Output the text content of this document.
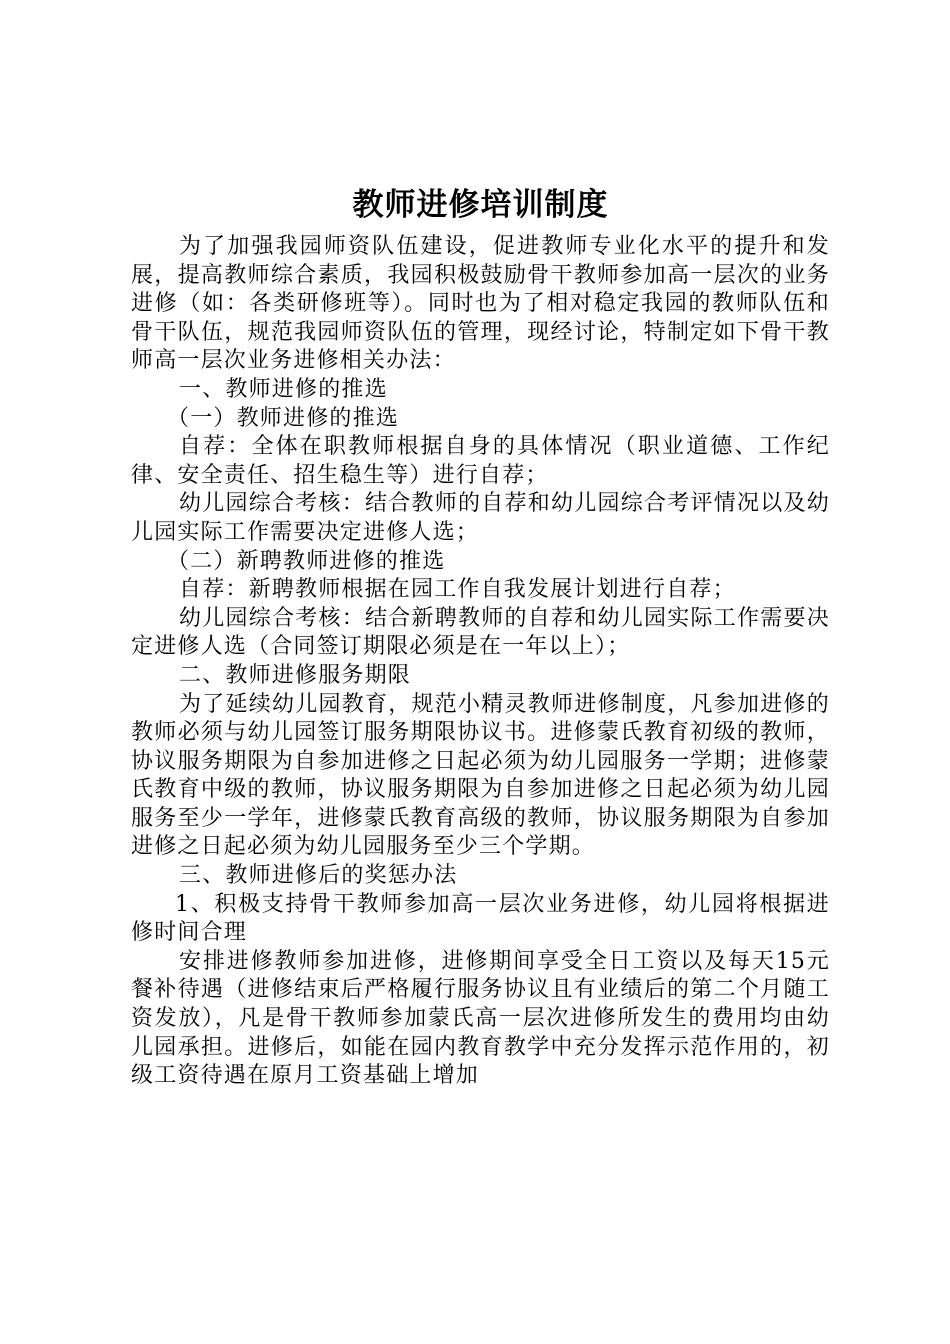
教师进修培训制度

为了加强我园师资队伍建设，促进教师专业化水平的提升和发展，提高教师综合素质，我园积极鼓励骨干教师参加高一层次的业务进修（如：各类研修班等）。同时也为了相对稳定我园的教师队伍和骨干队伍，规范我园师资队伍的管理，现经讨论，特制定如下骨干教师高一层次业务进修相关办法：

一、教师进修的推选

（一）教师进修的推选

自荐：全体在职教师根据自身的具体情况（职业道德、工作纪律、安全责任、招生稳生等）进行自荐；

幼儿园综合考核：结合教师的自荐和幼儿园综合考评情况以及幼儿园实际工作需要决定进修人选；

（二）新聘教师进修的推选

自荐：新聘教师根据在园工作自我发展计划进行自荐；

幼儿园综合考核：结合新聘教师的自荐和幼儿园实际工作需要决定进修人选（合同签订期限必须是在一年以上）；

二、教师进修服务期限

为了延续幼儿园教育，规范小精灵教师进修制度，凡参加进修的教师必须与幼儿园签订服务期限协议书。进修蒙氏教育初级的教师，协议服务期限为自参加进修之日起必须为幼儿园服务一学期；进修蒙氏教育中级的教师，协议服务期限为自参加进修之日起必须为幼儿园服务至少一学年，进修蒙氏教育高级的教师，协议服务期限为自参加进修之日起必须为幼儿园服务至少三个学期。

三、教师进修后的奖惩办法

1、积极支持骨干教师参加高一层次业务进修，幼儿园将根据进修时间合理

安排进修教师参加进修，进修期间享受全日工资以及每天15元餐补待遇（进修结束后严格履行服务协议且有业绩后的第二个月随工资发放），凡是骨干教师参加蒙氏高一层次进修所发生的费用均由幼儿园承担。进修后，如能在园内教育教学中充分发挥示范作用的，初级工资待遇在原月工资基础上增加
